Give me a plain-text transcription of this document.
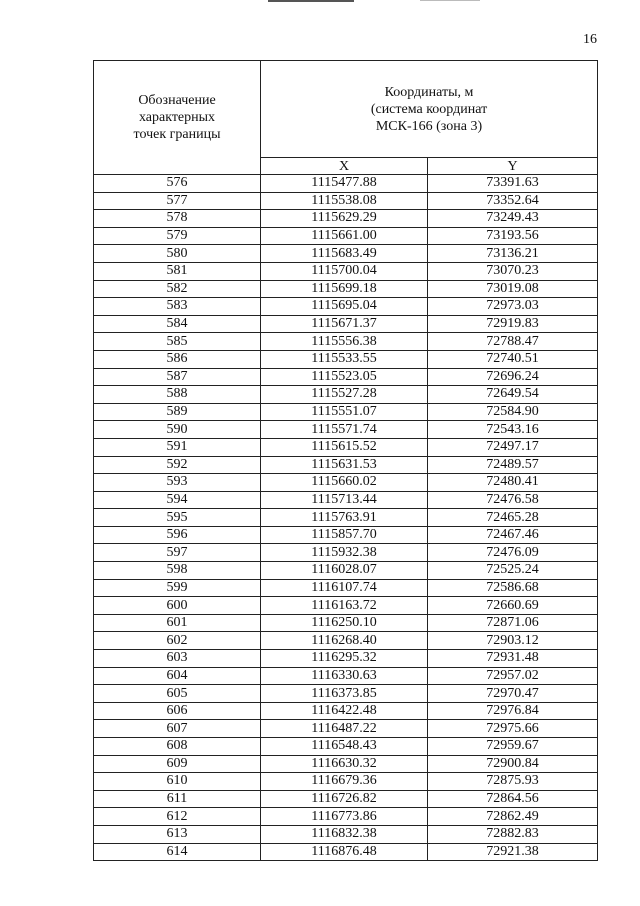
16
Обозначение
характерных
точек границы	Координаты, м
(система координат
МСК-166 (зона 3)	
	X	Y
576	1115477.88	73391.63
577	1115538.08	73352.64
578	1115629.29	73249.43
579	1115661.00	73193.56
580	1115683.49	73136.21
581	1115700.04	73070.23
582	1115699.18	73019.08
583	1115695.04	72973.03
584	1115671.37	72919.83
585	1115556.38	72788.47
586	1115533.55	72740.51
587	1115523.05	72696.24
588	1115527.28	72649.54
589	1115551.07	72584.90
590	1115571.74	72543.16
591	1115615.52	72497.17
592	1115631.53	72489.57
593	1115660.02	72480.41
594	1115713.44	72476.58
595	1115763.91	72465.28
596	1115857.70	72467.46
597	1115932.38	72476.09
598	1116028.07	72525.24
599	1116107.74	72586.68
600	1116163.72	72660.69
601	1116250.10	72871.06
602	1116268.40	72903.12
603	1116295.32	72931.48
604	1116330.63	72957.02
605	1116373.85	72970.47
606	1116422.48	72976.84
607	1116487.22	72975.66
608	1116548.43	72959.67
609	1116630.32	72900.84
610	1116679.36	72875.93
611	1116726.82	72864.56
612	1116773.86	72862.49
613	1116832.38	72882.83
614	1116876.48	72921.38
